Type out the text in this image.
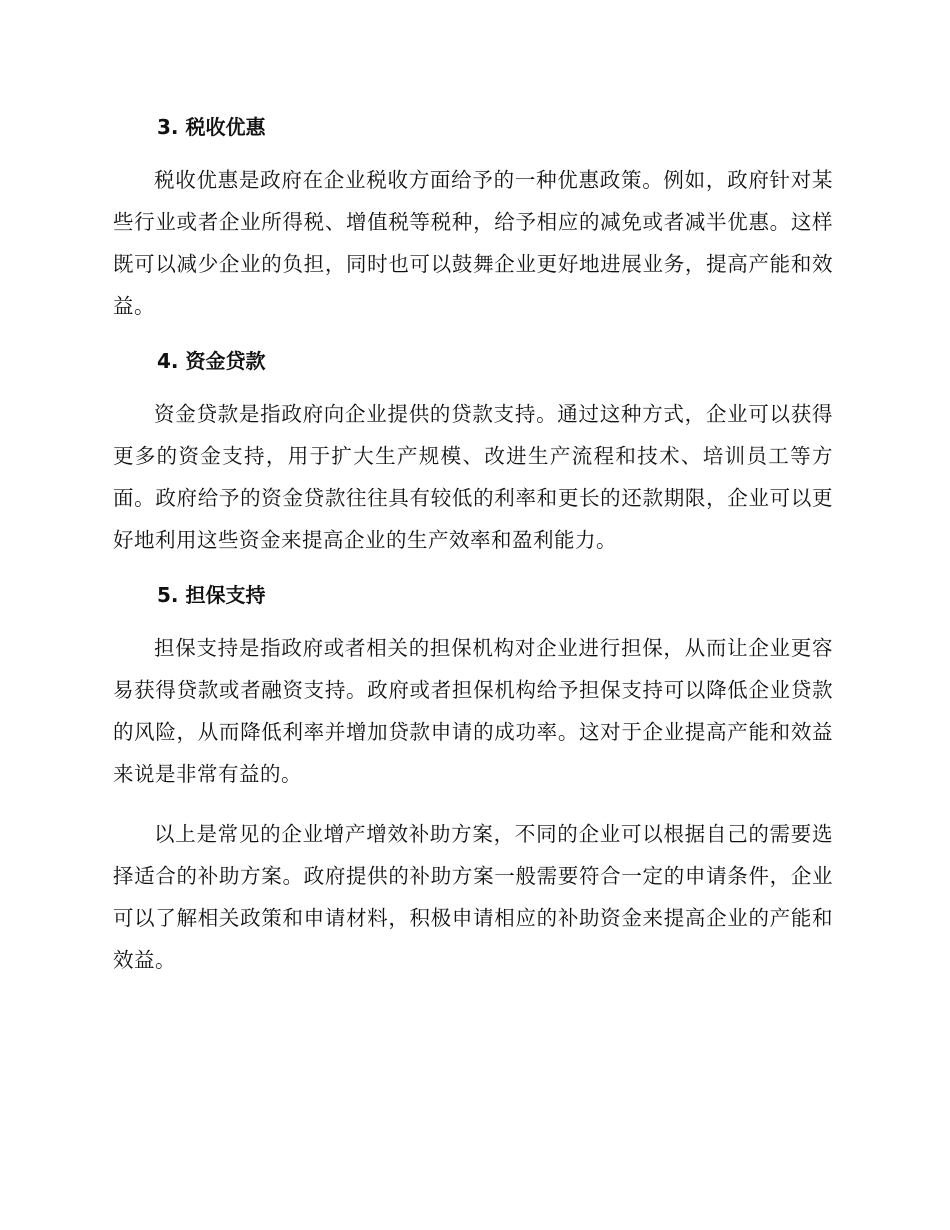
3. 税收优惠

税收优惠是政府在企业税收方面给予的一种优惠政策。例如，政府针对某些行业或者企业所得税、增值税等税种，给予相应的减免或者减半优惠。这样既可以减少企业的负担，同时也可以鼓舞企业更好地进展业务，提高产能和效益。

4. 资金贷款

资金贷款是指政府向企业提供的贷款支持。通过这种方式，企业可以获得更多的资金支持，用于扩大生产规模、改进生产流程和技术、培训员工等方面。政府给予的资金贷款往往具有较低的利率和更长的还款期限，企业可以更好地利用这些资金来提高企业的生产效率和盈利能力。

5. 担保支持

担保支持是指政府或者相关的担保机构对企业进行担保，从而让企业更容易获得贷款或者融资支持。政府或者担保机构给予担保支持可以降低企业贷款的风险，从而降低利率并增加贷款申请的成功率。这对于企业提高产能和效益来说是非常有益的。

以上是常见的企业增产增效补助方案，不同的企业可以根据自己的需要选择适合的补助方案。政府提供的补助方案一般需要符合一定的申请条件，企业可以了解相关政策和申请材料，积极申请相应的补助资金来提高企业的产能和效益。
